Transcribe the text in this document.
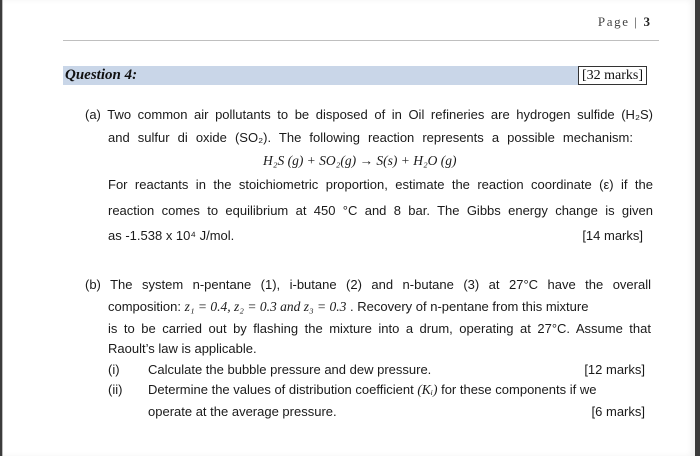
Page | 3
Question 4:	[32 marks]
(a) Two common air pollutants to be disposed of in Oil refineries are hydrogen sulfide (H₂S)
and sulfur di oxide (SO₂). The following reaction represents a possible mechanism:
H₂S (g) + SO₂(g) → S(s) + H₂O (g)
For reactants in the stoichiometric proportion, estimate the reaction coordinate (ε) if the
reaction comes to equilibrium at 450 °C and 8 bar. The Gibbs energy change is given
as -1.538 x 10⁴ J/mol.	[14 marks]
(b) The system n-pentane (1), i-butane (2) and n-butane (3) at 27°C have the overall
composition: z₁ = 0.4, z₂ = 0.3 and z₃ = 0.3 . Recovery of n-pentane from this mixture
is to be carried out by flashing the mixture into a drum, operating at 27°C. Assume that
Raoult’s law is applicable.
(i) Calculate the bubble pressure and dew pressure.	[12 marks]
(ii) Determine the values of distribution coefficient (Kᵢ) for these components if we
operate at the average pressure.	[6 marks]
